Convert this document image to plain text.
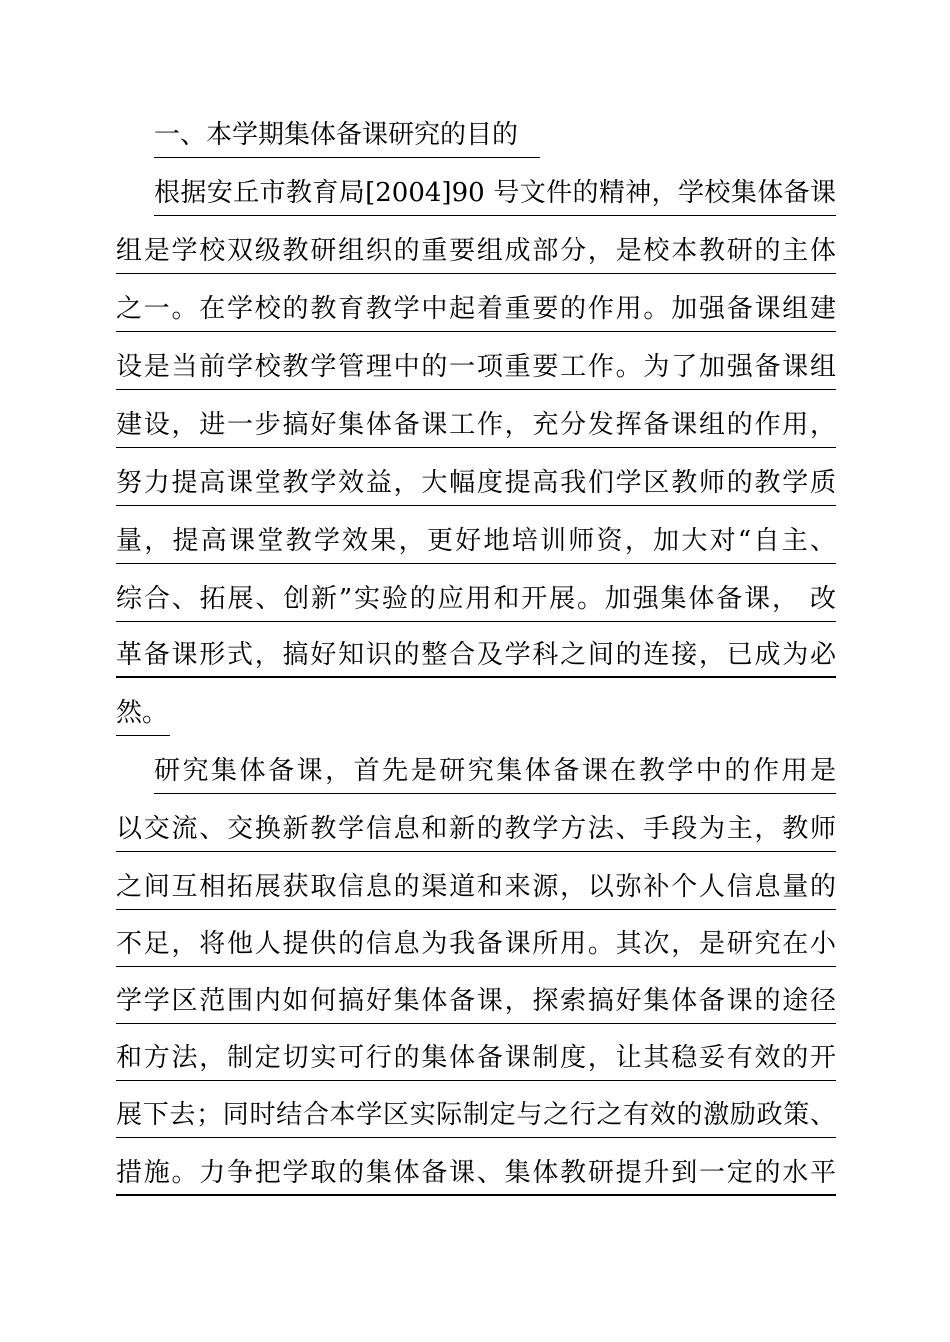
一、本学期集体备课研究的目的
根据安丘市教育局[2004]90 号文件的精神，学校集体备课
组是学校双级教研组织的重要组成部分，是校本教研的主体
之一。在学校的教育教学中起着重要的作用。加强备课组建
设是当前学校教学管理中的一项重要工作。为了加强备课组
建设，进一步搞好集体备课工作，充分发挥备课组的作用，
努力提高课堂教学效益，大幅度提高我们学区教师的教学质
量，提高课堂教学效果，更好地培训师资，加大对“自主、
综合、拓展、创新”实验的应用和开展。加强集体备课， 改
革备课形式，搞好知识的整合及学科之间的连接，已成为必
然。
研究集体备课，首先是研究集体备课在教学中的作用是
以交流、交换新教学信息和新的教学方法、手段为主，教师
之间互相拓展获取信息的渠道和来源，以弥补个人信息量的
不足，将他人提供的信息为我备课所用。其次，是研究在小
学学区范围内如何搞好集体备课，探索搞好集体备课的途径
和方法，制定切实可行的集体备课制度，让其稳妥有效的开
展下去；同时结合本学区实际制定与之行之有效的激励政策、
措施。力争把学取的集体备课、集体教研提升到一定的水平
